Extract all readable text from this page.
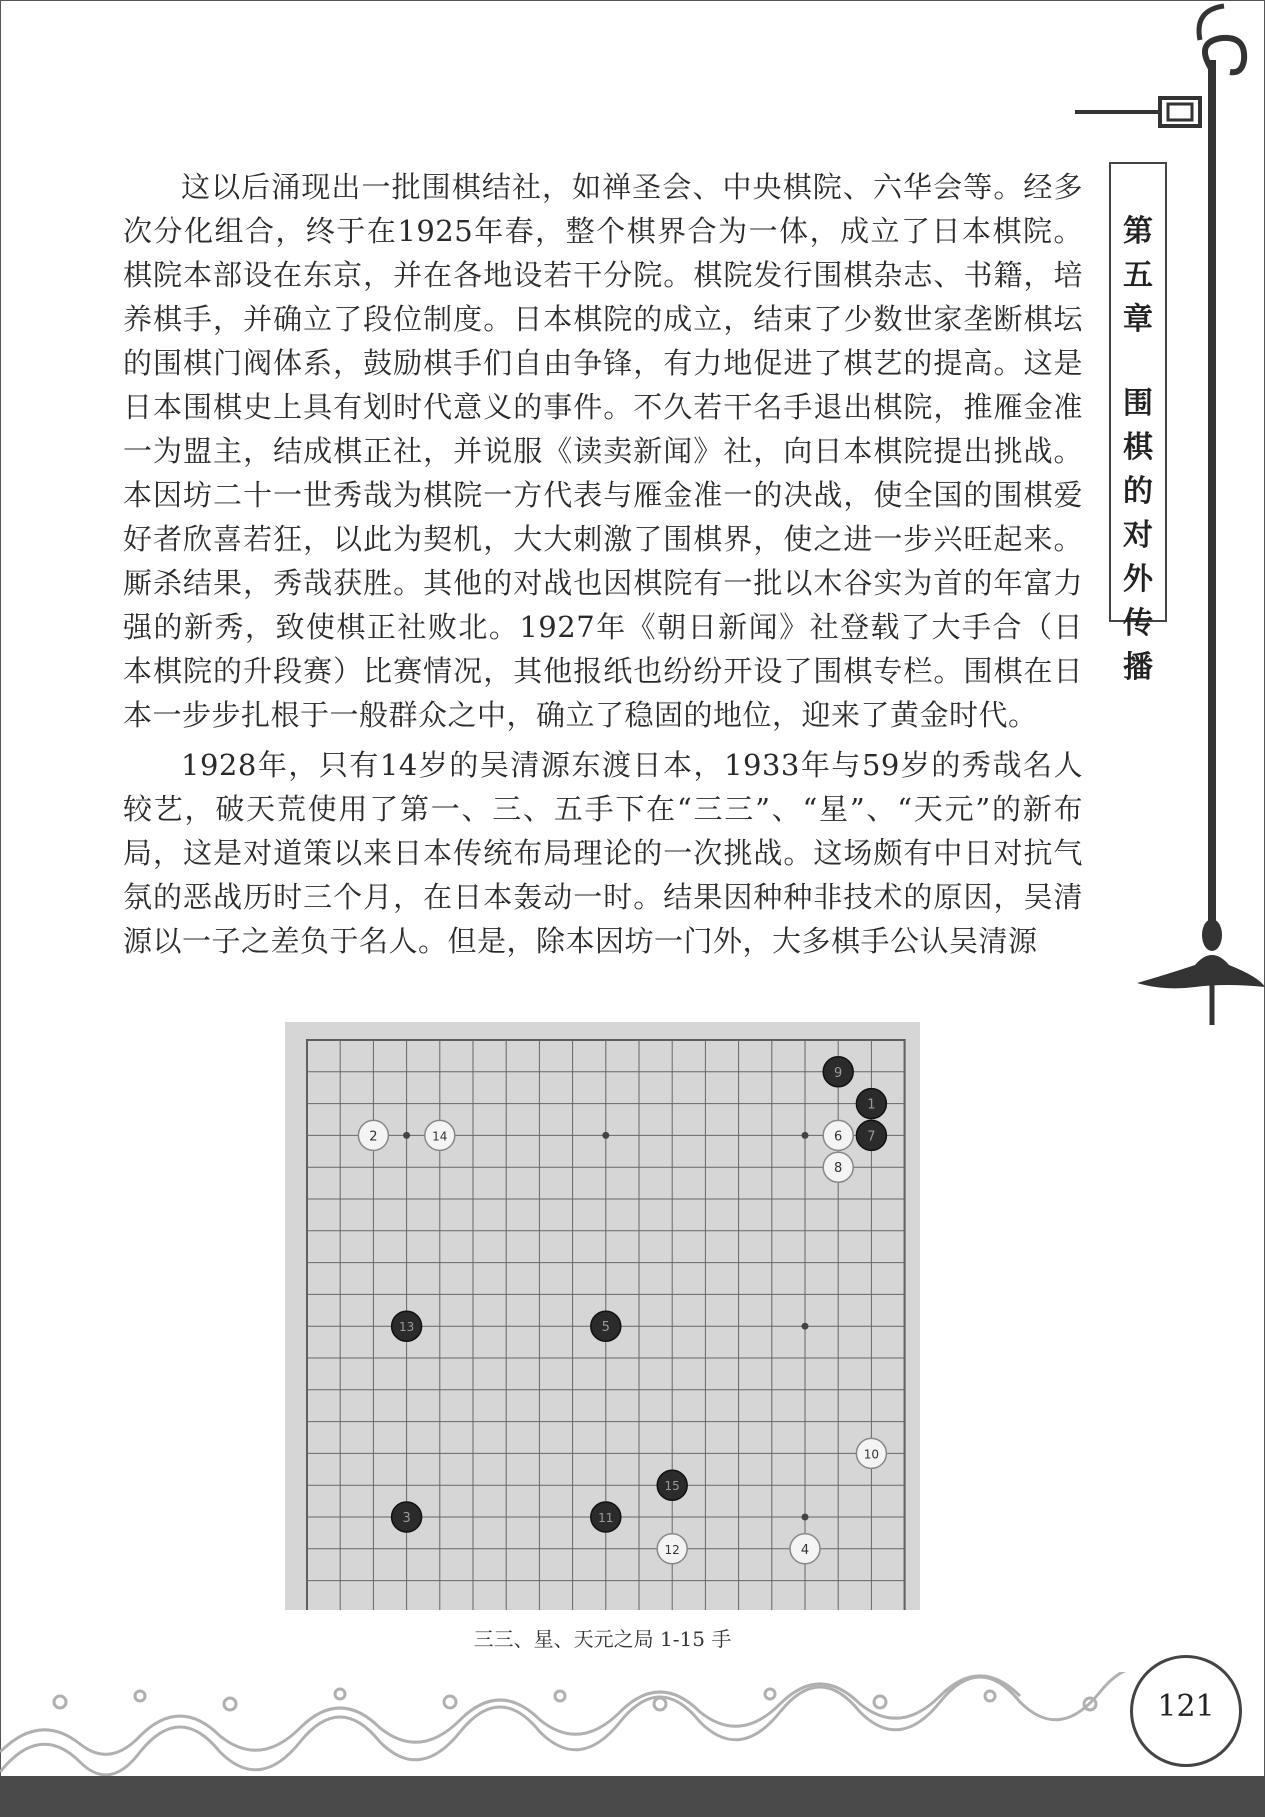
第
五
章
围
棋
的
对
外
传
播

这以后涌现出一批围棋结社，如禅圣会、中央棋院、六华会等。经多次分化组合，终于在1925年春，整个棋界合为一体，成立了日本棋院。棋院本部设在东京，并在各地设若干分院。棋院发行围棋杂志、书籍，培养棋手，并确立了段位制度。日本棋院的成立，结束了少数世家垄断棋坛的围棋门阀体系，鼓励棋手们自由争锋，有力地促进了棋艺的提高。这是日本围棋史上具有划时代意义的事件。不久若干名手退出棋院，推雁金准一为盟主，结成棋正社，并说服《读卖新闻》社，向日本棋院提出挑战。本因坊二十一世秀哉为棋院一方代表与雁金准一的决战，使全国的围棋爱好者欣喜若狂，以此为契机，大大刺激了围棋界，使之进一步兴旺起来。厮杀结果，秀哉获胜。其他的对战也因棋院有一批以木谷实为首的年富力强的新秀，致使棋正社败北。1927年《朝日新闻》社登载了大手合（日本棋院的升段赛）比赛情况，其他报纸也纷纷开设了围棋专栏。围棋在日本一步步扎根于一般群众之中，确立了稳固的地位，迎来了黄金时代。

1928年，只有14岁的吴清源东渡日本，1933年与59岁的秀哉名人较艺，破天荒使用了第一、三、五手下在“三三”、“星”、“天元”的新布局，这是对道策以来日本传统布局理论的一次挑战。这场颇有中日对抗气氛的恶战历时三个月，在日本轰动一时。结果因种种非技术的原因，吴清源以一子之差负于名人。但是，除本因坊一门外，大多棋手公认吴清源

9
1
7
6
8
2	14
13	5
10
15
3	11
12	4
三三、星、天元之局 1-15 手
121
